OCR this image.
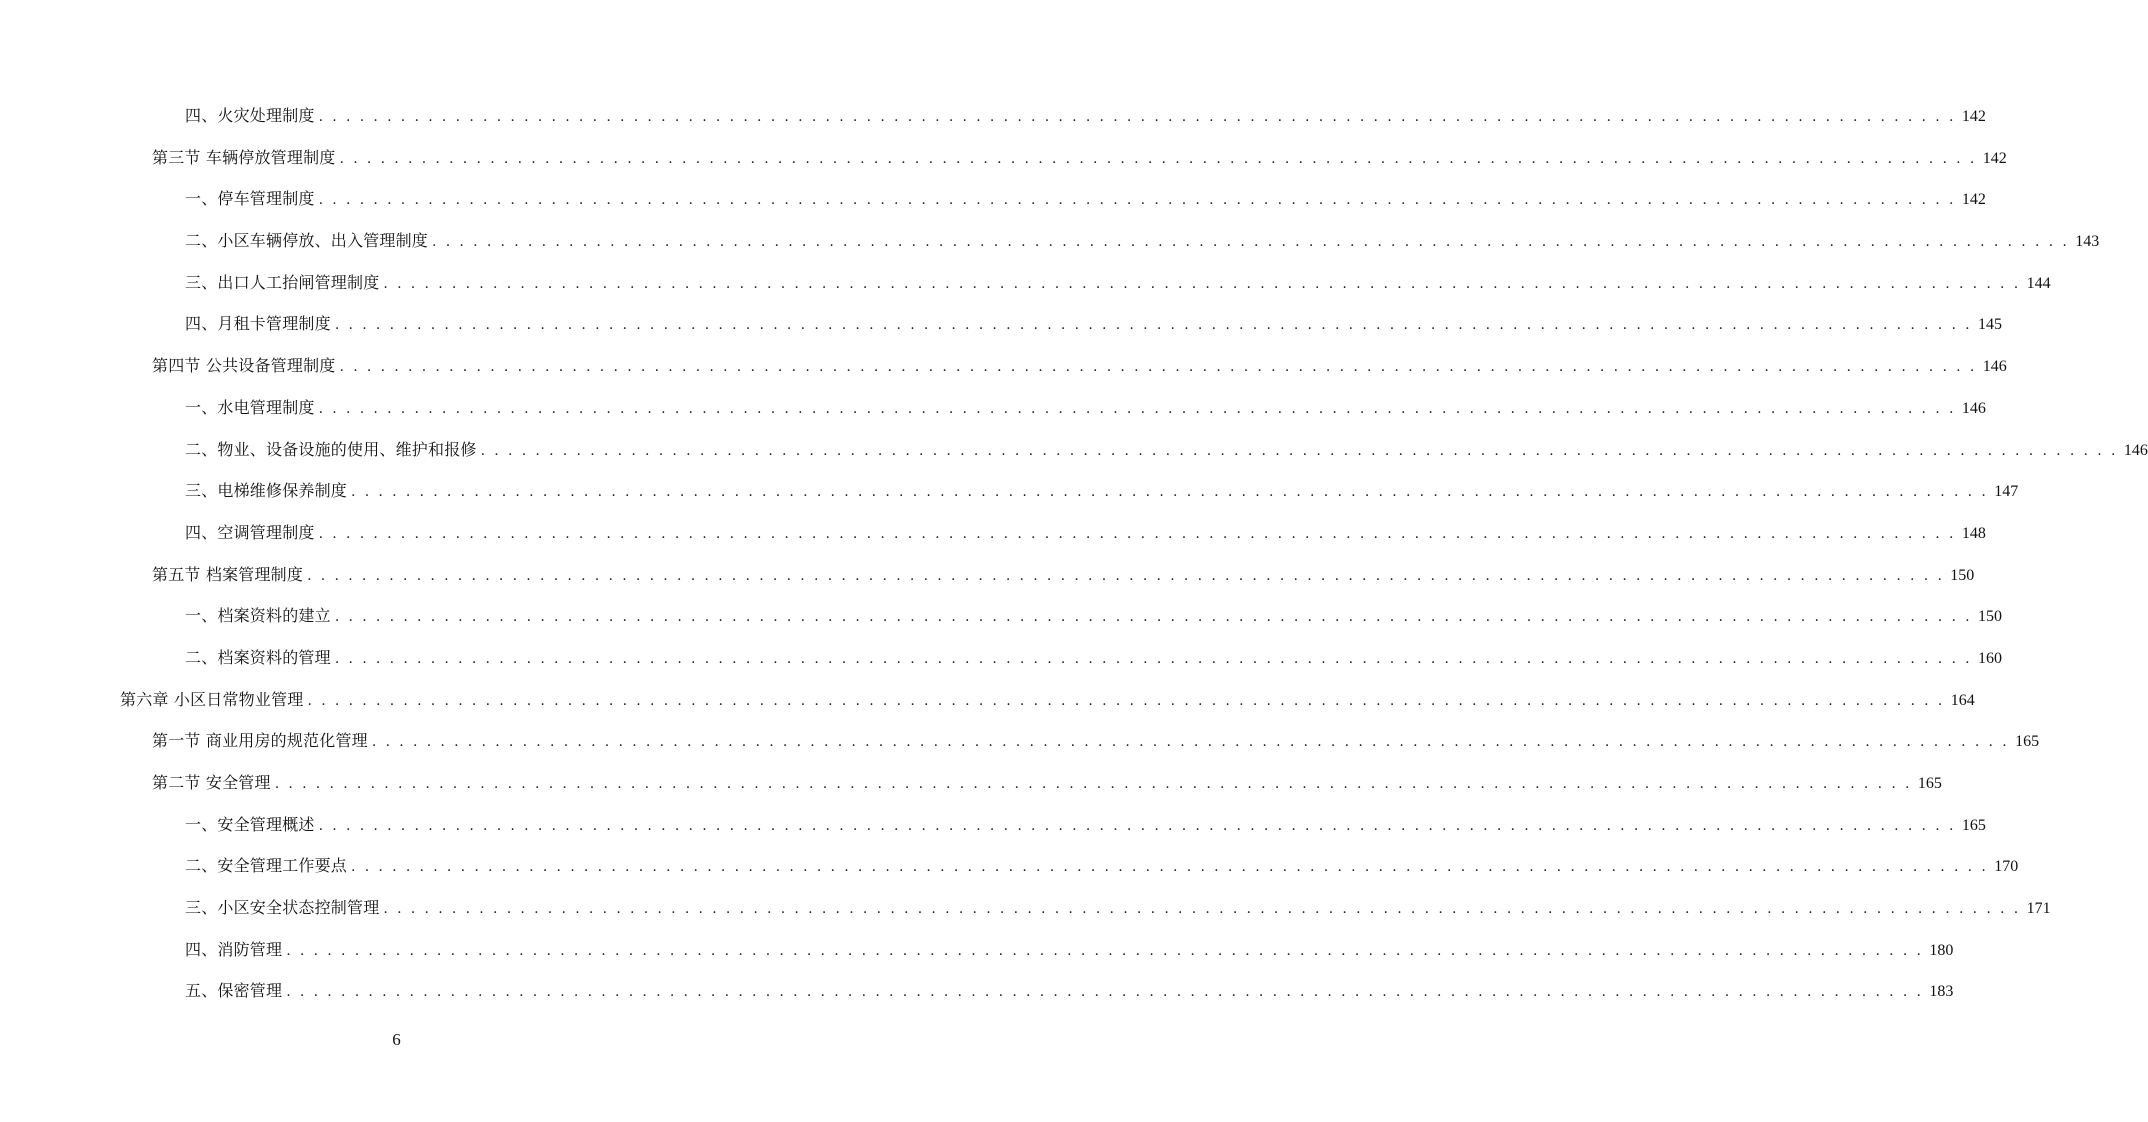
四、火灾处理制度 . . . . . . . . . . . . . . . . . . . . . . . . . . . . . . . . . . . . . . . . . . . . . . . . . . . . . . . . . . . . . . . . . . . . . . . . . . . . . . . . . . . . . . . . . . . . . . . . . . . . . . . . . . . . . . . . . . . . . . . . 142
第三节 车辆停放管理制度 . . . . . . . . . . . . . . . . . . . . . . . . . . . . . . . . . . . . . . . . . . . . . . . . . . . . . . . . . . . . . . . . . . . . . . . . . . . . . . . . . . . . . . . . . . . . . . . . . . . . . . . . . . . . . . . . . . . . . . . . 142
一、停车管理制度 . . . . . . . . . . . . . . . . . . . . . . . . . . . . . . . . . . . . . . . . . . . . . . . . . . . . . . . . . . . . . . . . . . . . . . . . . . . . . . . . . . . . . . . . . . . . . . . . . . . . . . . . . . . . . . . . . . . . . . . . 142
二、小区车辆停放、出入管理制度 . . . . . . . . . . . . . . . . . . . . . . . . . . . . . . . . . . . . . . . . . . . . . . . . . . . . . . . . . . . . . . . . . . . . . . . . . . . . . . . . . . . . . . . . . . . . . . . . . . . . . . . . . . . . . . . . . . . . . . . . 143
三、出口人工抬闸管理制度 . . . . . . . . . . . . . . . . . . . . . . . . . . . . . . . . . . . . . . . . . . . . . . . . . . . . . . . . . . . . . . . . . . . . . . . . . . . . . . . . . . . . . . . . . . . . . . . . . . . . . . . . . . . . . . . . . . . . . . . . 144
四、月租卡管理制度 . . . . . . . . . . . . . . . . . . . . . . . . . . . . . . . . . . . . . . . . . . . . . . . . . . . . . . . . . . . . . . . . . . . . . . . . . . . . . . . . . . . . . . . . . . . . . . . . . . . . . . . . . . . . . . . . . . . . . . . . 145
第四节 公共设备管理制度 . . . . . . . . . . . . . . . . . . . . . . . . . . . . . . . . . . . . . . . . . . . . . . . . . . . . . . . . . . . . . . . . . . . . . . . . . . . . . . . . . . . . . . . . . . . . . . . . . . . . . . . . . . . . . . . . . . . . . . . . 146
一、水电管理制度 . . . . . . . . . . . . . . . . . . . . . . . . . . . . . . . . . . . . . . . . . . . . . . . . . . . . . . . . . . . . . . . . . . . . . . . . . . . . . . . . . . . . . . . . . . . . . . . . . . . . . . . . . . . . . . . . . . . . . . . . 146
二、物业、设备设施的使用、维护和报修 . . . . . . . . . . . . . . . . . . . . . . . . . . . . . . . . . . . . . . . . . . . . . . . . . . . . . . . . . . . . . . . . . . . . . . . . . . . . . . . . . . . . . . . . . . . . . . . . . . . . . . . . . . . . . . . . . . . . . . . . 146
三、电梯维修保养制度 . . . . . . . . . . . . . . . . . . . . . . . . . . . . . . . . . . . . . . . . . . . . . . . . . . . . . . . . . . . . . . . . . . . . . . . . . . . . . . . . . . . . . . . . . . . . . . . . . . . . . . . . . . . . . . . . . . . . . . . . 147
四、空调管理制度 . . . . . . . . . . . . . . . . . . . . . . . . . . . . . . . . . . . . . . . . . . . . . . . . . . . . . . . . . . . . . . . . . . . . . . . . . . . . . . . . . . . . . . . . . . . . . . . . . . . . . . . . . . . . . . . . . . . . . . . . 148
第五节 档案管理制度 . . . . . . . . . . . . . . . . . . . . . . . . . . . . . . . . . . . . . . . . . . . . . . . . . . . . . . . . . . . . . . . . . . . . . . . . . . . . . . . . . . . . . . . . . . . . . . . . . . . . . . . . . . . . . . . . . . . . . . . . 150
一、档案资料的建立 . . . . . . . . . . . . . . . . . . . . . . . . . . . . . . . . . . . . . . . . . . . . . . . . . . . . . . . . . . . . . . . . . . . . . . . . . . . . . . . . . . . . . . . . . . . . . . . . . . . . . . . . . . . . . . . . . . . . . . . . 150
二、档案资料的管理 . . . . . . . . . . . . . . . . . . . . . . . . . . . . . . . . . . . . . . . . . . . . . . . . . . . . . . . . . . . . . . . . . . . . . . . . . . . . . . . . . . . . . . . . . . . . . . . . . . . . . . . . . . . . . . . . . . . . . . . . 160
第六章 小区日常物业管理 . . . . . . . . . . . . . . . . . . . . . . . . . . . . . . . . . . . . . . . . . . . . . . . . . . . . . . . . . . . . . . . . . . . . . . . . . . . . . . . . . . . . . . . . . . . . . . . . . . . . . . . . . . . . . . . . . . . . . . . . 164
第一节 商业用房的规范化管理 . . . . . . . . . . . . . . . . . . . . . . . . . . . . . . . . . . . . . . . . . . . . . . . . . . . . . . . . . . . . . . . . . . . . . . . . . . . . . . . . . . . . . . . . . . . . . . . . . . . . . . . . . . . . . . . . . . . . . . . . 165
第二节 安全管理 . . . . . . . . . . . . . . . . . . . . . . . . . . . . . . . . . . . . . . . . . . . . . . . . . . . . . . . . . . . . . . . . . . . . . . . . . . . . . . . . . . . . . . . . . . . . . . . . . . . . . . . . . . . . . . . . . . . . . . . . 165
一、安全管理概述 . . . . . . . . . . . . . . . . . . . . . . . . . . . . . . . . . . . . . . . . . . . . . . . . . . . . . . . . . . . . . . . . . . . . . . . . . . . . . . . . . . . . . . . . . . . . . . . . . . . . . . . . . . . . . . . . . . . . . . . . 165
二、安全管理工作要点 . . . . . . . . . . . . . . . . . . . . . . . . . . . . . . . . . . . . . . . . . . . . . . . . . . . . . . . . . . . . . . . . . . . . . . . . . . . . . . . . . . . . . . . . . . . . . . . . . . . . . . . . . . . . . . . . . . . . . . . . 170
三、小区安全状态控制管理 . . . . . . . . . . . . . . . . . . . . . . . . . . . . . . . . . . . . . . . . . . . . . . . . . . . . . . . . . . . . . . . . . . . . . . . . . . . . . . . . . . . . . . . . . . . . . . . . . . . . . . . . . . . . . . . . . . . . . . . . 171
四、消防管理 . . . . . . . . . . . . . . . . . . . . . . . . . . . . . . . . . . . . . . . . . . . . . . . . . . . . . . . . . . . . . . . . . . . . . . . . . . . . . . . . . . . . . . . . . . . . . . . . . . . . . . . . . . . . . . . . . . . . . . . . 180
五、保密管理 . . . . . . . . . . . . . . . . . . . . . . . . . . . . . . . . . . . . . . . . . . . . . . . . . . . . . . . . . . . . . . . . . . . . . . . . . . . . . . . . . . . . . . . . . . . . . . . . . . . . . . . . . . . . . . . . . . . . . . . . 183
6
